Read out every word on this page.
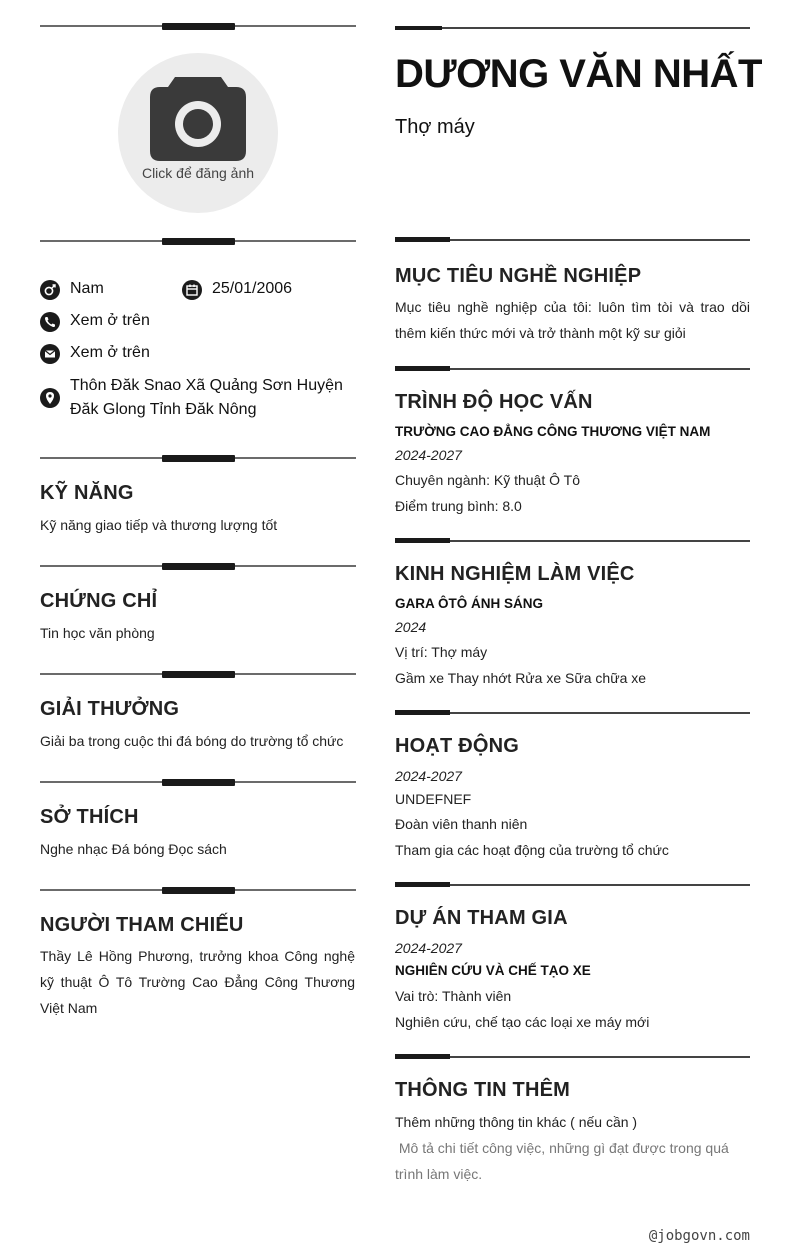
Click để đăng ảnh
Nam	25/01/2006
Xem ở trên
Xem ở trên
Thôn Đăk Snao Xã Quảng Sơn Huyện Đăk Glong Tỉnh Đăk Nông
KỸ NĂNG
Kỹ năng giao tiếp và thương lượng tốt
CHỨNG CHỈ
Tin học văn phòng
GIẢI THƯỞNG
Giải ba trong cuộc thi đá bóng do trường tổ chức
SỞ THÍCH
Nghe nhạc Đá bóng Đọc sách
NGƯỜI THAM CHIẾU
Thầy Lê Hồng Phương, trưởng khoa Công nghệ kỹ thuật Ô Tô Trường Cao Đẳng Công Thương Việt Nam
DƯƠNG VĂN NHẤT
Thợ máy
MỤC TIÊU NGHỀ NGHIỆP
Mục tiêu nghề nghiệp của tôi: luôn tìm tòi và trao dồi thêm kiến thức mới và trở thành một kỹ sư giỏi
TRÌNH ĐỘ HỌC VẤN
TRƯỜNG CAO ĐẲNG CÔNG THƯƠNG VIỆT NAM
2024-2027
Chuyên ngành: Kỹ thuật Ô Tô
Điểm trung bình: 8.0
KINH NGHIỆM LÀM VIỆC
GARA ÔTÔ ÁNH SÁNG
2024
Vị trí: Thợ máy
Gầm xe Thay nhớt Rửa xe Sữa chữa xe
HOẠT ĐỘNG
2024-2027
UNDEFNEF
Đoàn viên thanh niên
Tham gia các hoạt động của trường tổ chức
DỰ ÁN THAM GIA
2024-2027
NGHIÊN CỨU VÀ CHẾ TẠO XE
Vai trò: Thành viên
Nghiên cứu, chế tạo các loại xe máy mới
THÔNG TIN THÊM
Thêm những thông tin khác ( nếu cần )
Mô tả chi tiết công việc, những gì đạt được trong quá trình làm việc.
@jobgovn.com
